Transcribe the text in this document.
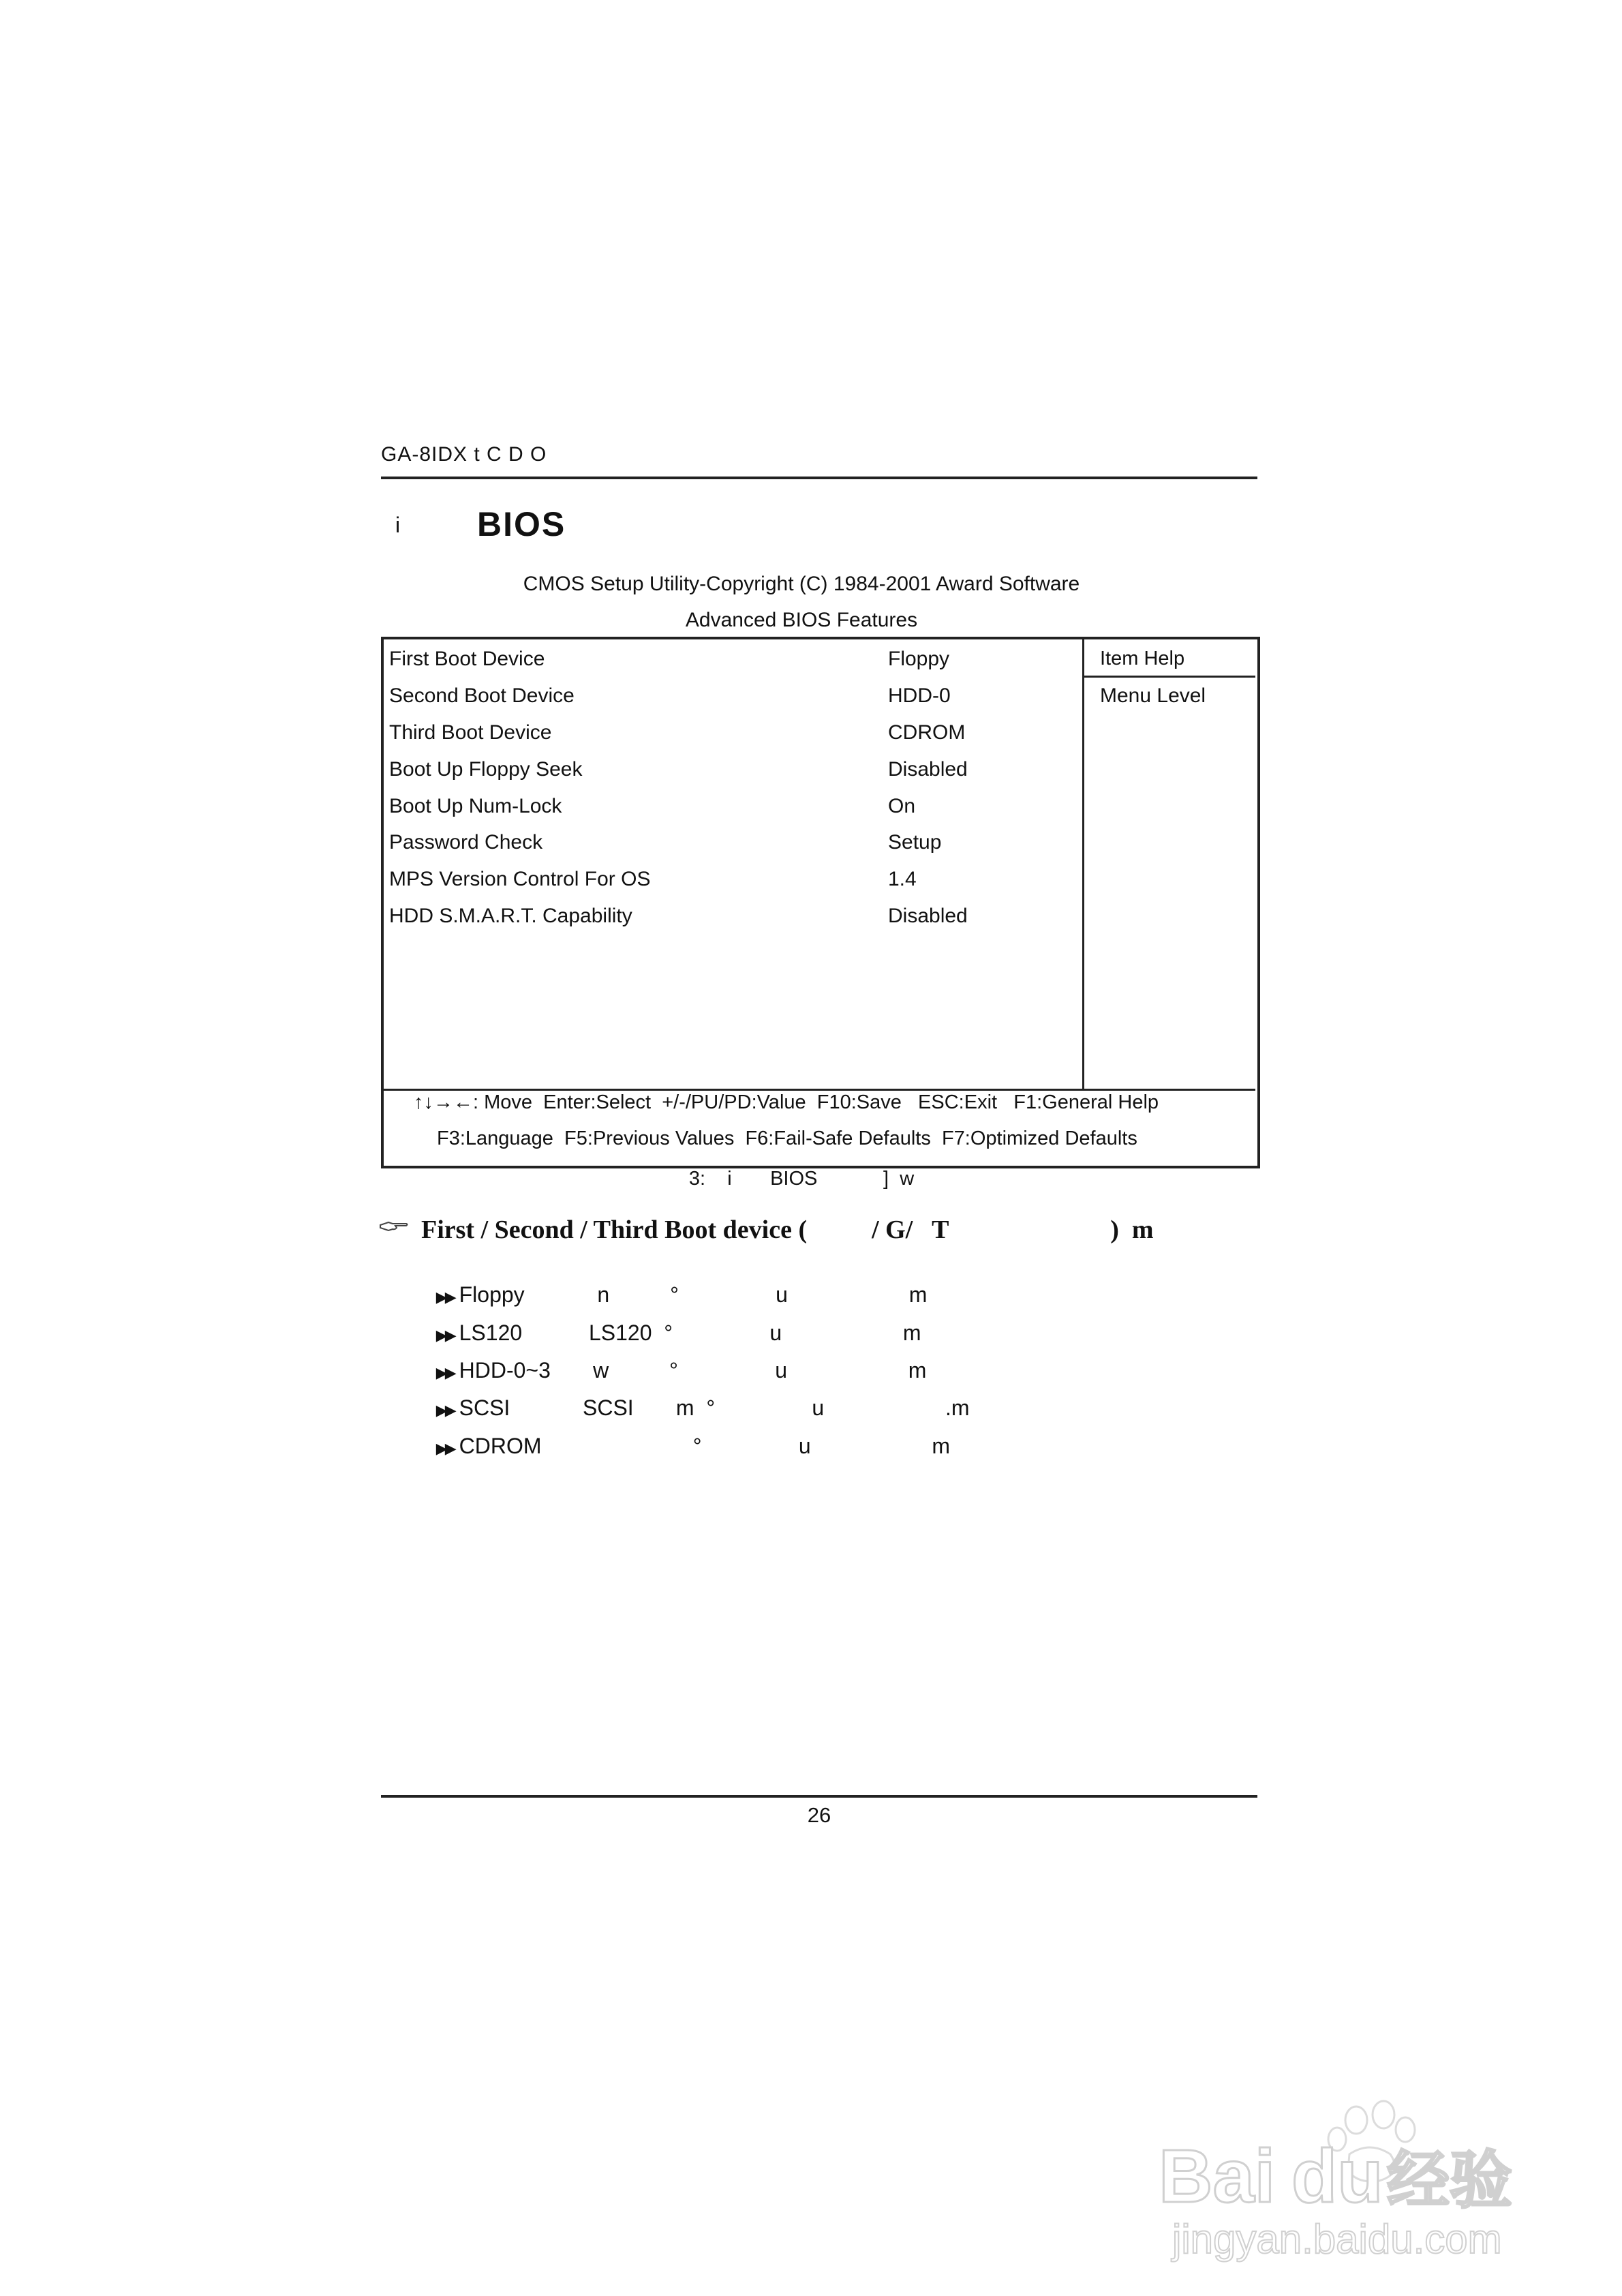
GA-8IDX t C D O
i BIOS
CMOS Setup Utility-Copyright (C) 1984-2001 Award Software
Advanced BIOS Features
First Boot Device	Floppy
Second Boot Device	HDD-0
Third Boot Device	CDROM
Boot Up Floppy Seek	Disabled
Boot Up Num-Lock	On
Password Check	Setup
MPS Version Control For OS	1.4
HDD S.M.A.R.T. Capability	Disabled
Item Help
Menu Level
↑↓→←: Move  Enter:Select  +/-/PU/PD:Value  F10:Save   ESC:Exit   F1:General Help
F3:Language  F5:Previous Values  F6:Fail-Safe Defaults  F7:Optimized Defaults
3:    i       BIOS            ]  w
First / Second / Third Boot device (          / G/   T                         )  m

▶▶ Floppy            n          °                u                    m

▶▶ LS120           LS120  °                u                    m

▶▶ HDD-0~3       w          °                u                    m

▶▶ SCSI            SCSI       m  °                u                    .m

▶▶ CDROM                         °                u                    m

26
Bai du 经验
jingyan.baidu.com
